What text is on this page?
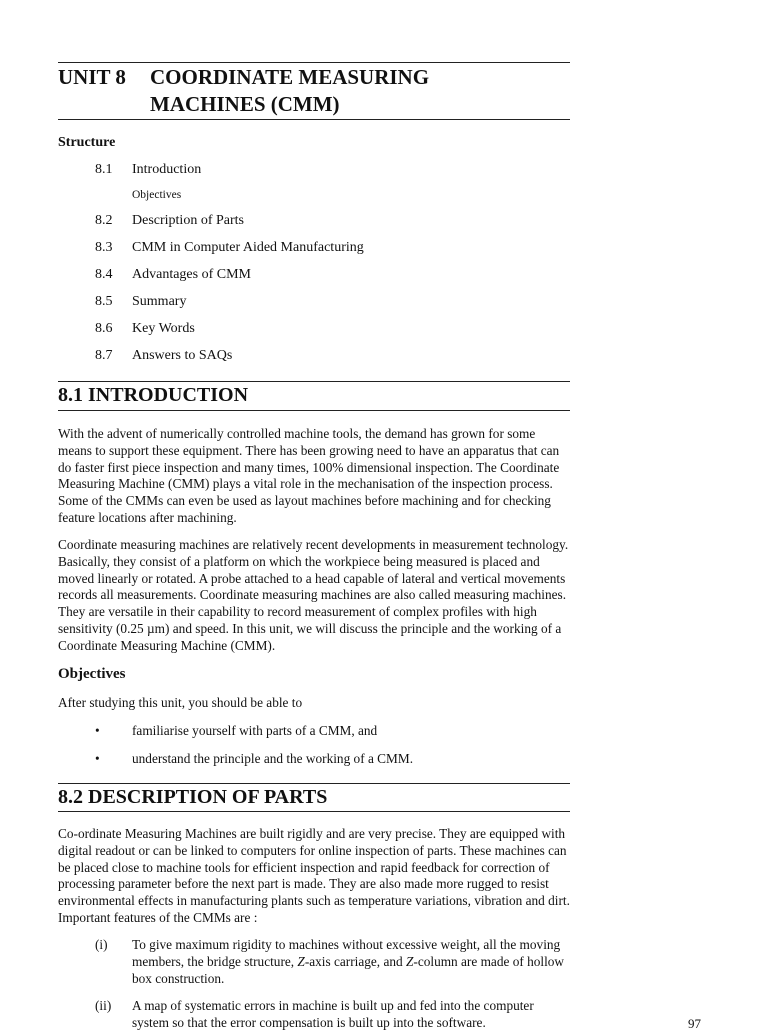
UNIT 8 COORDINATE MEASURING
MACHINES (CMM)
Structure
8.1 Introduction
Objectives
8.2 Description of Parts
8.3 CMM in Computer Aided Manufacturing
8.4 Advantages of CMM
8.5 Summary
8.6 Key Words
8.7 Answers to SAQs
8.1 INTRODUCTION
With the advent of numerically controlled machine tools, the demand has grown for some means to support these equipment. There has been growing need to have an apparatus that can do faster first piece inspection and many times, 100% dimensional inspection. The Coordinate Measuring Machine (CMM) plays a vital role in the mechanisation of the inspection process. Some of the CMMs can even be used as layout machines before machining and for checking feature locations after machining.
Coordinate measuring machines are relatively recent developments in measurement technology. Basically, they consist of a platform on which the workpiece being measured is placed and moved linearly or rotated. A probe attached to a head capable of lateral and vertical movements records all measurements. Coordinate measuring machines are also called measuring machines. They are versatile in their capability to record measurement of complex profiles with high sensitivity (0.25 µm) and speed. In this unit, we will discuss the principle and the working of a Coordinate Measuring Machine (CMM).
Objectives
After studying this unit, you should be able to
• familiarise yourself with parts of a CMM, and
• understand the principle and the working of a CMM.
8.2 DESCRIPTION OF PARTS
Co-ordinate Measuring Machines are built rigidly and are very precise. They are equipped with digital readout or can be linked to computers for online inspection of parts. These machines can be placed close to machine tools for efficient inspection and rapid feedback for correction of processing parameter before the next part is made. They are also made more rugged to resist environmental effects in manufacturing plants such as temperature variations, vibration and dirt. Important features of the CMMs are :
(i) To give maximum rigidity to machines without excessive weight, all the moving members, the bridge structure, Z-axis carriage, and Z-column are made of hollow box construction.
(ii) A map of systematic errors in machine is built up and fed into the computer system so that the error compensation is built up into the software.	97
